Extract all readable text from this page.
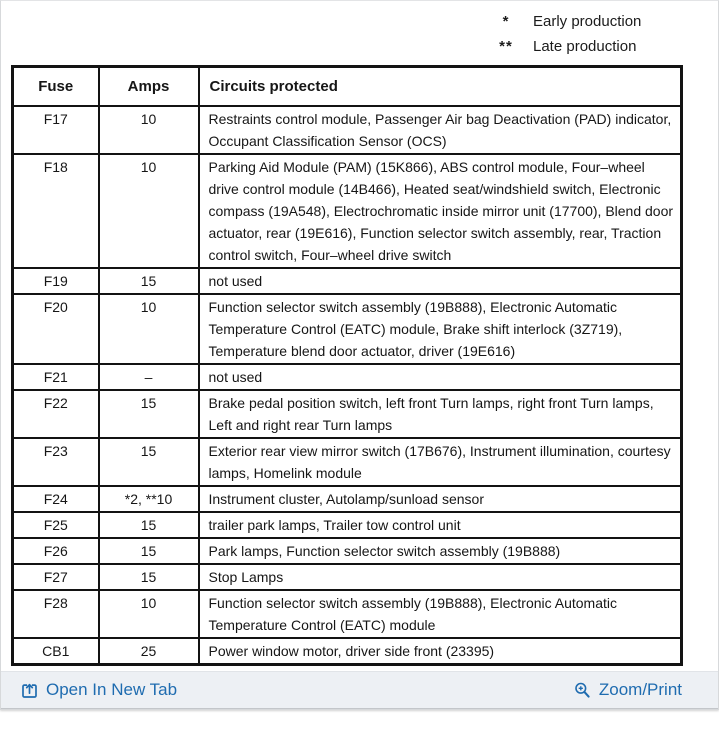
*	Early production
**	Late production
Fuse	Amps	Circuits protected
F17	10	Restraints control module, Passenger Air bag Deactivation (PAD) indicator, Occupant Classification Sensor (OCS)
F18	10	Parking Aid Module (PAM) (15K866), ABS control module, Four–wheel drive control module (14B466), Heated seat/windshield switch, Electronic compass (19A548), Electrochromatic inside mirror unit (17700), Blend door actuator, rear (19E616), Function selector switch assembly, rear, Traction control switch, Four–wheel drive switch
F19	15	not used
F20	10	Function selector switch assembly (19B888), Electronic Automatic Temperature Control (EATC) module, Brake shift interlock (3Z719), Temperature blend door actuator, driver (19E616)
F21	–	not used
F22	15	Brake pedal position switch, left front Turn lamps, right front Turn lamps, Left and right rear Turn lamps
F23	15	Exterior rear view mirror switch (17B676), Instrument illumination, courtesy lamps, Homelink module
F24	*2, **10	Instrument cluster, Autolamp/sunload sensor
F25	15	trailer park lamps, Trailer tow control unit
F26	15	Park lamps, Function selector switch assembly (19B888)
F27	15	Stop Lamps
F28	10	Function selector switch assembly (19B888), Electronic Automatic Temperature Control (EATC) module
CB1	25	Power window motor, driver side front (23395)
Open In New Tab	Zoom/Print
